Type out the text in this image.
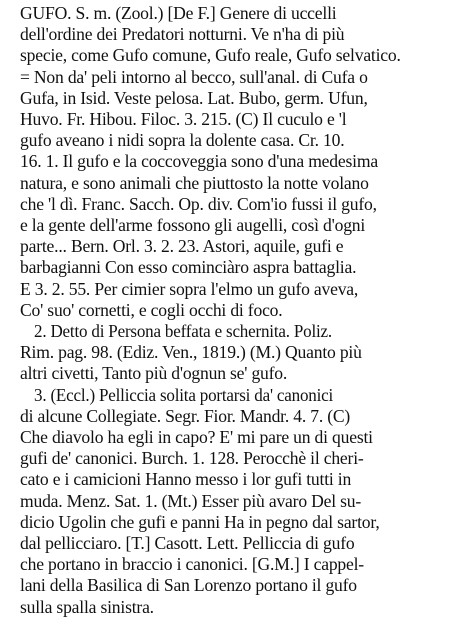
GUFO. S. m. (Zool.) [De F.] Genere di uccelli
dell'ordine dei Predatori notturni. Ve n'ha di più
specie, come Gufo comune, Gufo reale, Gufo selvatico.
= Non da' peli intorno al becco, sull'anal. di Cufa o
Gufa, in Isid. Veste pelosa. Lat. Bubo, germ. Ufun,
Huvo. Fr. Hibou. Filoc. 3. 215. (C) Il cuculo e 'l
gufo aveano i nidi sopra la dolente casa. Cr. 10.
16. 1. Il gufo e la coccoveggia sono d'una medesima
natura, e sono animali che piuttosto la notte volano
che 'l dì. Franc. Sacch. Op. div. Com'io fussi il gufo,
e la gente dell'arme fossono gli augelli, così d'ogni
parte... Bern. Orl. 3. 2. 23. Astori, aquile, gufi e
barbagianni Con esso cominciàro aspra battaglia.
E 3. 2. 55. Per cimier sopra l'elmo un gufo aveva,
Co' suo' cornetti, e cogli occhi di foco.
2. Detto di Persona beffata e schernita. Poliz.
Rim. pag. 98. (Ediz. Ven., 1819.) (M.) Quanto più
altri civetti, Tanto più d'ognun se' gufo.
3. (Eccl.) Pelliccia solita portarsi da' canonici
di alcune Collegiate. Segr. Fior. Mandr. 4. 7. (C)
Che diavolo ha egli in capo? E' mi pare un di questi
gufi de' canonici. Burch. 1. 128. Perocchè il cheri-
cato e i camicioni Hanno messo i lor gufi tutti in
muda. Menz. Sat. 1. (Mt.) Esser più avaro Del su-
dicio Ugolin che gufi e panni Ha in pegno dal sartor,
dal pellicciaro. [T.] Casott. Lett. Pelliccia di gufo
che portano in braccio i canonici. [G.M.] I cappel-
lani della Basilica di San Lorenzo portano il gufo
sulla spalla sinistra.
